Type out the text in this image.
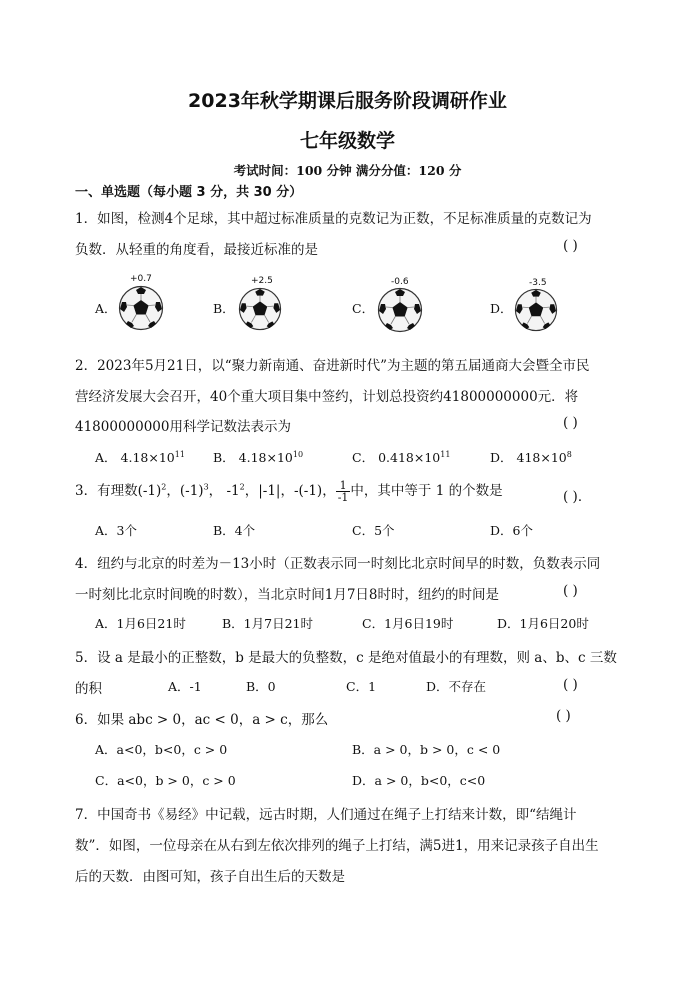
2023年秋学期课后服务阶段调研作业
七年级数学
考试时间：100 分钟 满分分值：120 分
一、单选题（每小题 3 分，共 30 分）
1．如图，检测4个足球，其中超过标准质量的克数记为正数，不足标准质量的克数记为
负数．从轻重的角度看，最接近标准的是	( )
A．
+0.7
B．
+2.5
C．
-0.6
D．
-3.5
2．2023年5月21日，以“聚力新南通、奋进新时代”为主题的第五届通商大会暨全市民
营经济发展大会召开，40个重大项目集中签约，计划总投资约41800000000元．将
41800000000用科学记数法表示为	( )
A． $4.18\times 10^{11}$ B． $4.18\times 10^{10}$	C． $0.418\times 10^{11}$	D． $418\times 10^8$
3．有理数$(-1)^2$，$(-1)^3$， $-1^2$，|-1|，-(-1)， $\frac{1}{-1}$ 中，其中等于 1 的个数是	( )．
A．3个	B．4个	C．5个	D．6个
4．纽约与北京的时差为－13小时（正数表示同一时刻比北京时间早的时数，负数表示同
一时刻比北京时间晚的时数），当北京时间1月7日8时时，纽约的时间是	( )
A．1月6日21时	B．1月7日21时	C．1月6日19时	D．1月6日20时
5．设 a 是最小的正整数，b 是最大的负整数，c 是绝对值最小的有理数，则 a、b、c 三数
的积	A．-1	B．0	C．1	D．不存在	( )
6．如果 abc > 0，ac < 0，a > c，那么	( )
A．a<0，b<0，c > 0	B．a > 0，b > 0，c < 0
C．a<0，b > 0，c > 0	D．a > 0，b<0，c<0
7．中国奇书《易经》中记载，远古时期，人们通过在绳子上打结来计数，即“结绳计
数”．如图，一位母亲在从右到左依次排列的绳子上打结，满5进1，用来记录孩子自出生
后的天数．由图可知，孩子自出生后的天数是
